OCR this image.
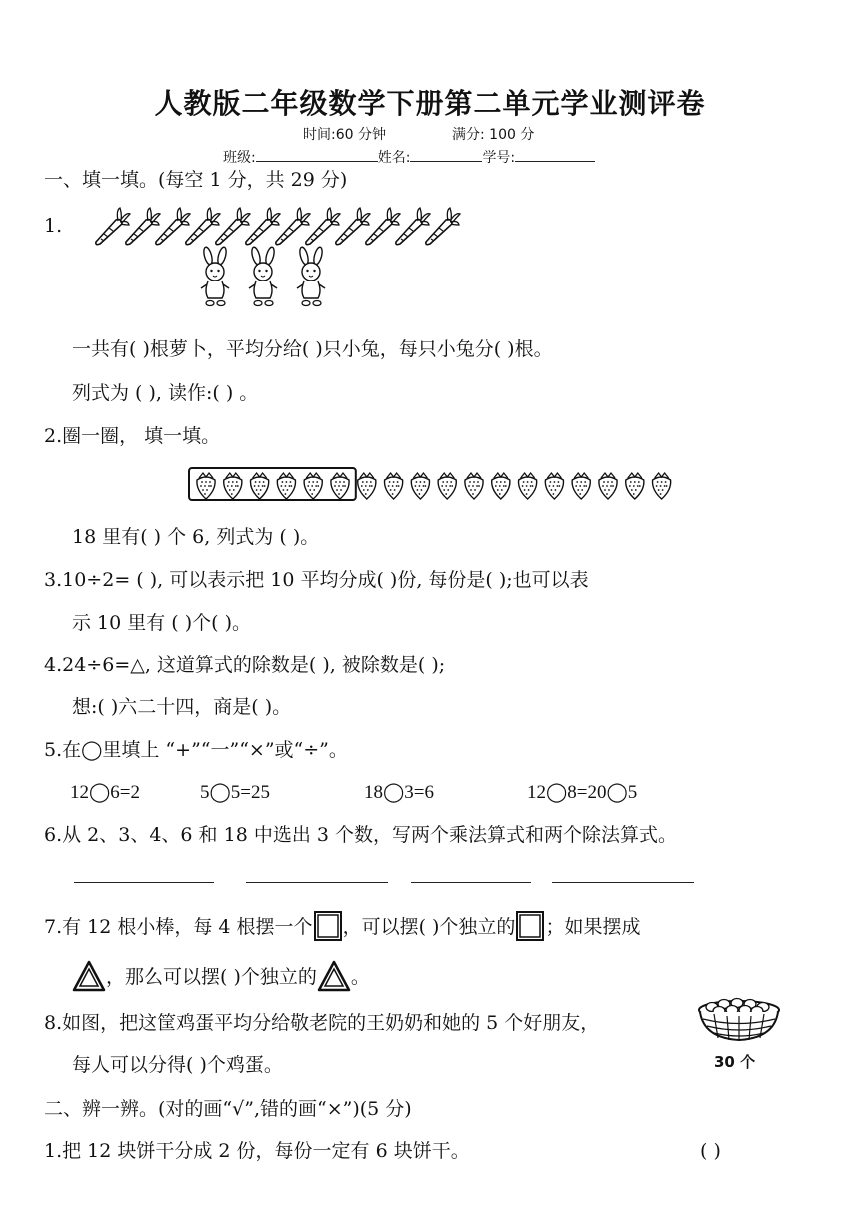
人教版二年级数学下册第二单元学业测评卷
时间:60 分钟	满分: 100 分
班级:	姓名:	学号:
一、填一填。(每空 1 分，共 29 分)
1.
一共有( )根萝卜，平均分给( )只小兔，每只小兔分( )根。
列式为 ( ), 读作:( ) 。
2.圈一圈， 填一填。
18 里有( ) 个 6, 列式为 ( )。
3.10÷2= ( ), 可以表示把 10 平均分成( )份, 每份是( );也可以表
示 10 里有 ( )个( )。
4.24÷6=△, 这道算式的除数是( ), 被除数是( );
想:( )六二十四，商是( )。
5.在◯里填上 “+”“一”“×”或“÷”。
12◯6=2	5◯5=25	18◯3=6	12◯8=20◯5
6.从 2、3、4、6 和 18 中选出 3 个数，写两个乘法算式和两个除法算式。
7.有 12 根小棒，每 4 根摆一个 ，可以摆( )个独立的 ；如果摆成
，那么可以摆( )个独立的 。
8.如图，把这筐鸡蛋平均分给敬老院的王奶奶和她的 5 个好朋友，
每人可以分得( )个鸡蛋。	30 个
二、辨一辨。(对的画“√”,错的画“×”)(5 分)
1.把 12 块饼干分成 2 份，每份一定有 6 块饼干。	( )
